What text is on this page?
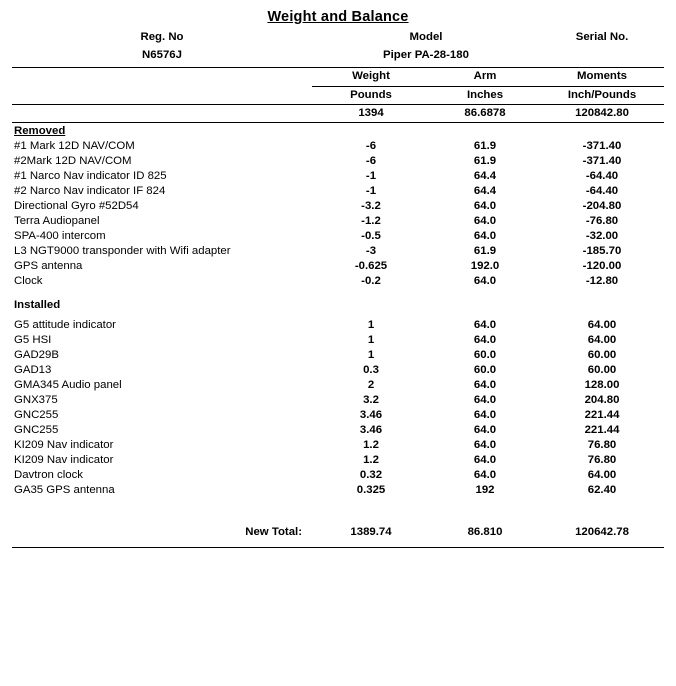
Weight and Balance
Reg. No	Model		Serial No.
N6576J	Piper PA-28-180		

	Weight	Arm	Moments

	Pounds	Inches	Inch/Pounds

	1394	86.6878	120842.80

Removed			
#1 Mark 12D NAV/COM	-6	61.9	-371.40
#2Mark 12D NAV/COM	-6	61.9	-371.40
#1 Narco Nav indicator ID 825	-1	64.4	-64.40
#2 Narco Nav indicator IF 824	-1	64.4	-64.40
Directional Gyro #52D54	-3.2	64.0	-204.80
Terra Audiopanel	-1.2	64.0	-76.80
SPA-400 intercom	-0.5	64.0	-32.00
L3 NGT9000 transponder with Wifi adapter	-3	61.9	-185.70
GPS antenna	-0.625	192.0	-120.00
Clock	-0.2	64.0	-12.80

Installed			

G5 attitude indicator	1	64.0	64.00
G5 HSI	1	64.0	64.00
GAD29B	1	60.0	60.00
GAD13	0.3	60.0	60.00
GMA345 Audio panel	2	64.0	128.00
GNX375	3.2	64.0	204.80
GNC255	3.46	64.0	221.44
GNC255	3.46	64.0	221.44
KI209 Nav indicator	1.2	64.0	76.80
KI209 Nav indicator	1.2	64.0	76.80
Davtron clock	0.32	64.0	64.00
GA35 GPS antenna	0.325	192	62.40

New Total:	1389.74	86.810	120642.78
